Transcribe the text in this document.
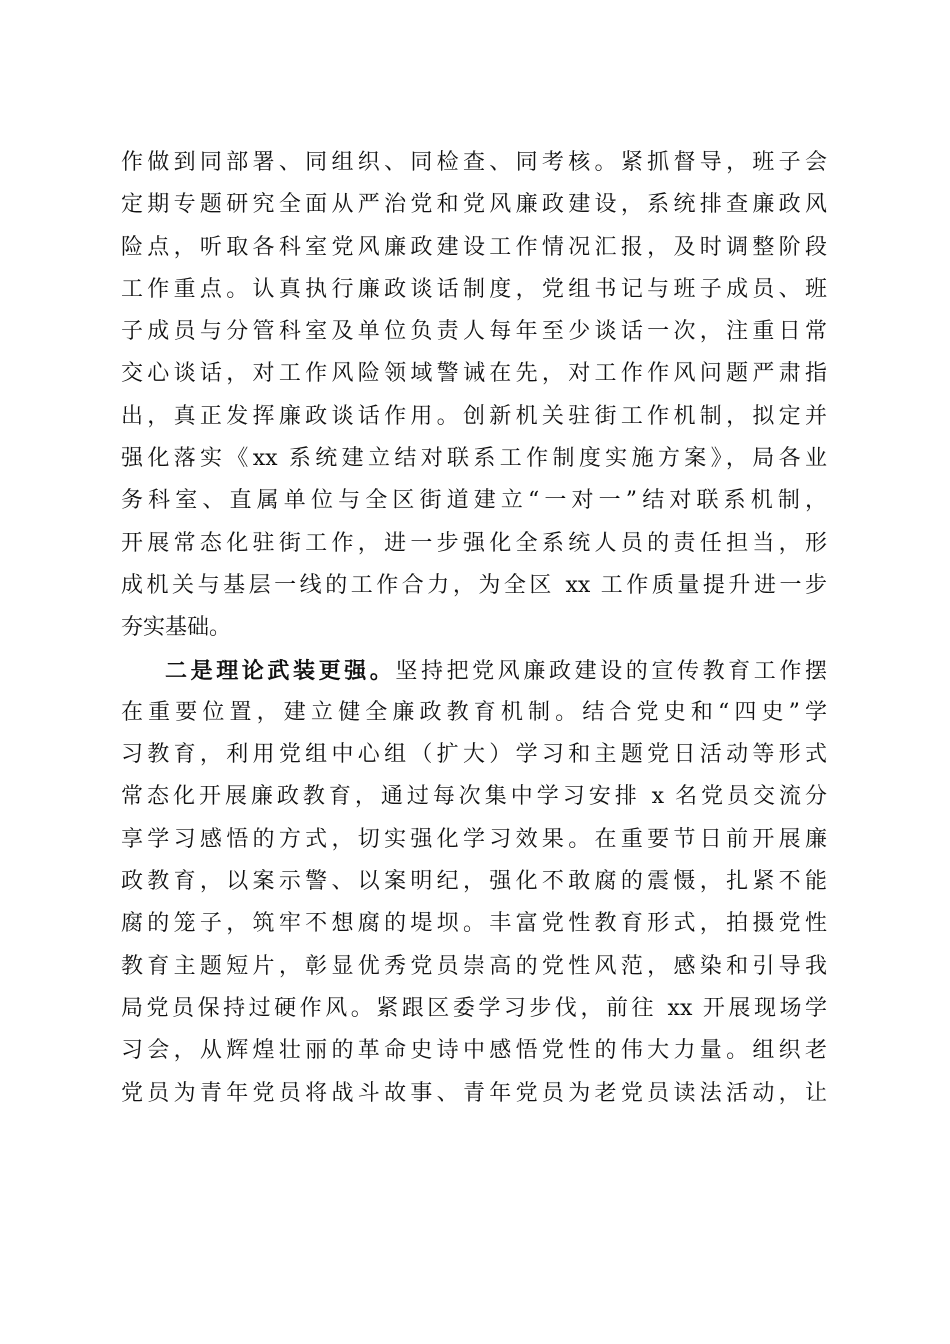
作做到同部署、同组织、同检查、同考核。紧抓督导，班子会
定期专题研究全面从严治党和党风廉政建设，系统排查廉政风
险点，听取各科室党风廉政建设工作情况汇报，及时调整阶段
工作重点。认真执行廉政谈话制度，党组书记与班子成员、班
子成员与分管科室及单位负责人每年至少谈话一次，注重日常
交心谈话，对工作风险领域警诫在先，对工作作风问题严肃指
出，真正发挥廉政谈话作用。创新机关驻街工作机制，拟定并
强化落实《xx 系统建立结对联系工作制度实施方案》，局各业
务科室、直属单位与全区街道建立“一对一”结对联系机制，
开展常态化驻街工作，进一步强化全系统人员的责任担当，形
成机关与基层一线的工作合力，为全区 xx 工作质量提升进一步
夯实基础。
二是理论武装更强。坚持把党风廉政建设的宣传教育工作摆
在重要位置，建立健全廉政教育机制。结合党史和“四史”学
习教育，利用党组中心组（扩大）学习和主题党日活动等形式
常态化开展廉政教育，通过每次集中学习安排 x 名党员交流分
享学习感悟的方式，切实强化学习效果。在重要节日前开展廉
政教育，以案示警、以案明纪，强化不敢腐的震慑，扎紧不能
腐的笼子，筑牢不想腐的堤坝。丰富党性教育形式，拍摄党性
教育主题短片，彰显优秀党员崇高的党性风范，感染和引导我
局党员保持过硬作风。紧跟区委学习步伐，前往 xx 开展现场学
习会，从辉煌壮丽的革命史诗中感悟党性的伟大力量。组织老
党员为青年党员将战斗故事、青年党员为老党员读法活动，让
